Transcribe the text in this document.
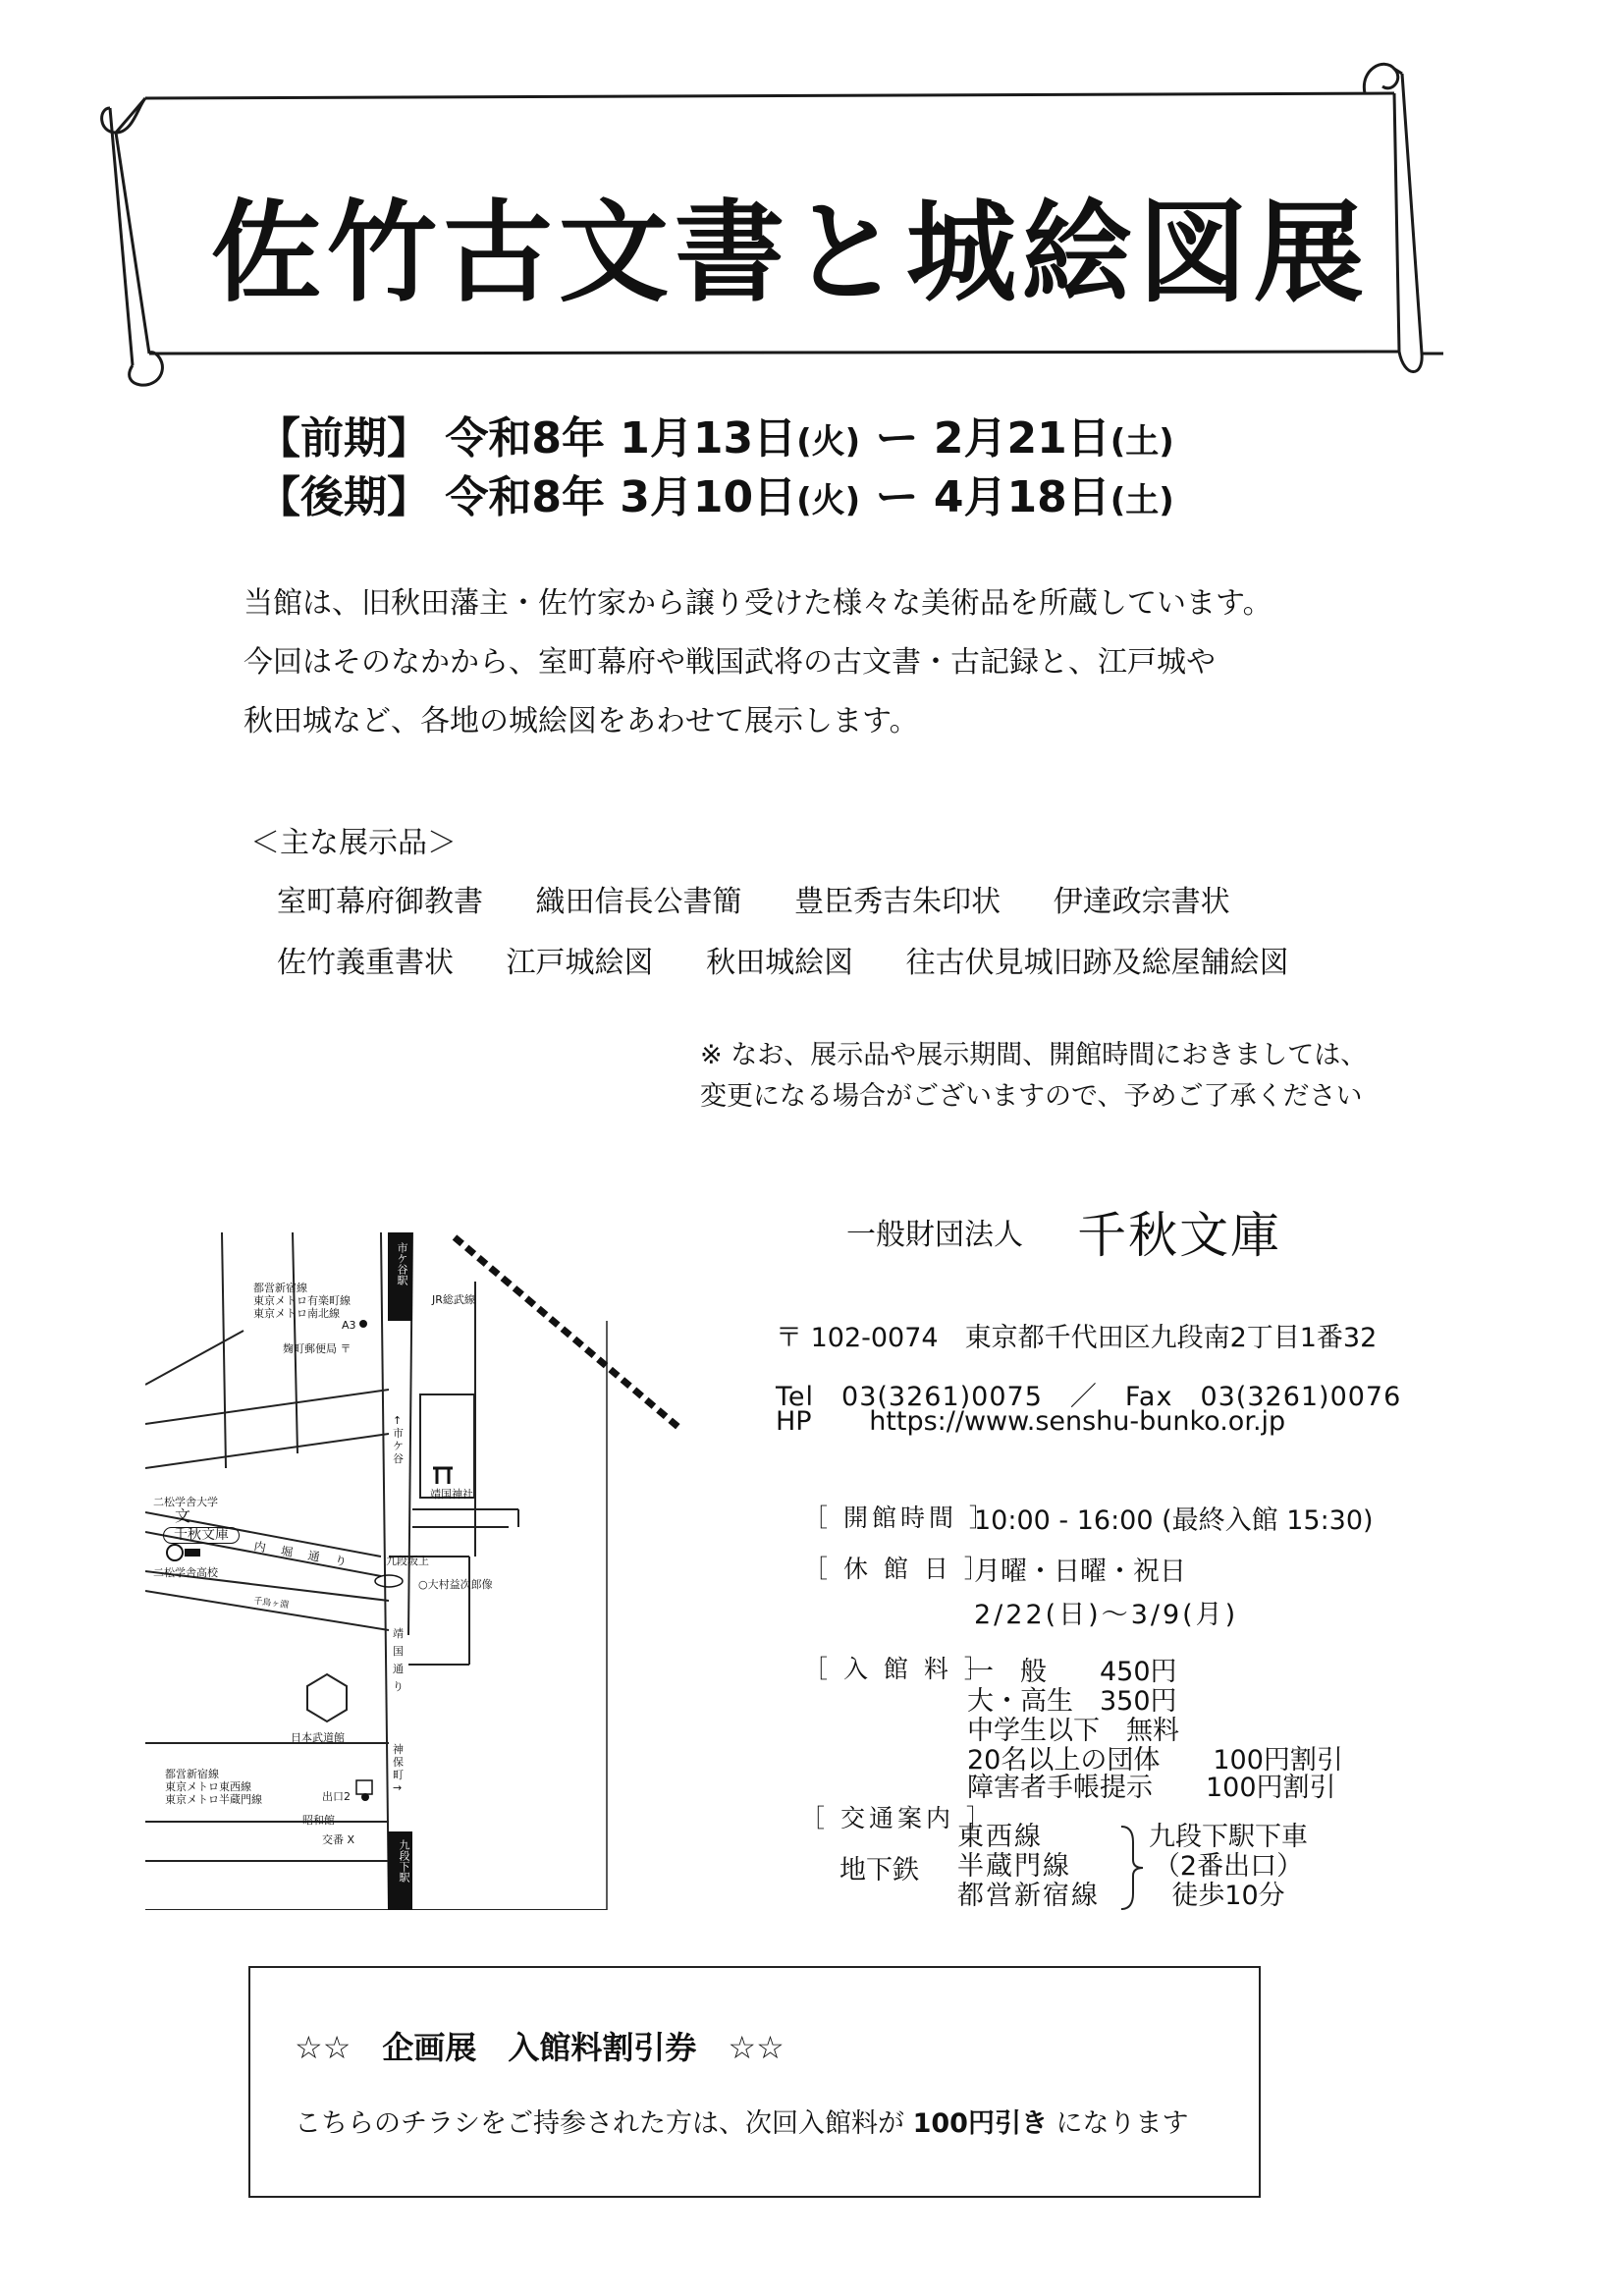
佐竹古文書と城絵図展
【前期】 令和8年 1月13日(火) ー 2月21日(土)
【後期】 令和8年 3月10日(火) ー 4月18日(土)

当館は、旧秋田藩主・佐竹家から譲り受けた様々な美術品を所蔵しています。

今回はそのなかから、室町幕府や戦国武将の古文書・古記録と、江戸城や

秋田城など、各地の城絵図をあわせて展示します。

＜主な展示品＞
室町幕府御教書 織田信長公書簡 豊臣秀吉朱印状 伊達政宗書状
佐竹義重書状 江戸城絵図 秋田城絵図 往古伏見城旧跡及総屋舗絵図

※ なお、展示品や展示期間、開館時間におきましては、

変更になる場合がございますので、予めご了承ください

一般財団法人 千秋文庫
〒 102-0074　東京都千代田区九段南2丁目1番32
Tel　03(3261)0075　／　Fax　03(3261)0076
HP https://www.senshu-bunko.or.jp
［ 開館時間 ］
10:00 - 16:00 (最終入館 15:30)
［ 休 館 日 ］
月曜・日曜・祝日
2/22(日)～3/9(月)
［ 入 館 料 ］
一　般　　450円
大・高生　350円
中学生以下　無料
20名以上の団体　　100円割引
障害者手帳提示　　100円割引
［ 交通案内 ］
地下鉄
東西線
半蔵門線
都営新宿線
九段下駅下車
（2番出口）
徒歩10分
市ケ谷駅
JR総武線
都営新宿線
東京メトロ有楽町線
東京メトロ南北線
A3
麹町郵便局 〒
↑市ケ谷
靖国神社
二松学舎大学
文
千秋文庫
内 堀 通 り
二松学舎高校
九段坂上
○大村益次郎像
千鳥ヶ淵
靖国通り
日本武道館
神保町→
都営新宿線
東京メトロ東西線
東京メトロ半蔵門線	出口2
昭和館
交番 X	九段下駅
☆☆　企画展　入館料割引券　☆☆
こちらのチラシをご持参された方は、次回入館料が 100円引き になります
